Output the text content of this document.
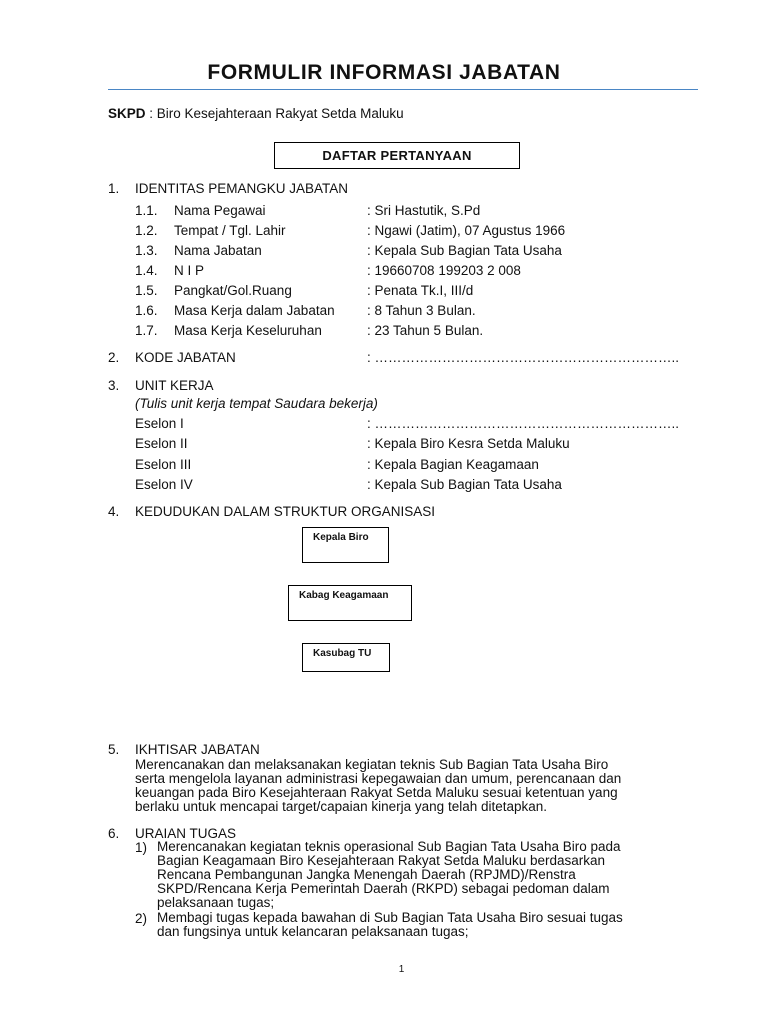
FORMULIR INFORMASI JABATAN
SKPD : Biro Kesejahteraan Rakyat Setda Maluku
DAFTAR PERTANYAAN
1. IDENTITAS PEMANGKU JABATAN
1.1. Nama Pegawai	: Sri Hastutik, S.Pd
1.2. Tempat / Tgl. Lahir	: Ngawi (Jatim), 07 Agustus 1966
1.3. Nama Jabatan	: Kepala Sub Bagian Tata Usaha
1.4. N I P	: 19660708 199203 2 008
1.5. Pangkat/Gol.Ruang	: Penata Tk.I, III/d
1.6. Masa Kerja dalam Jabatan : 8 Tahun 3 Bulan.
1.7. Masa Kerja Keseluruhan	: 23 Tahun 5 Bulan.
2. KODE JABATAN	: …………………………………………………………..
3. UNIT KERJA
(Tulis unit kerja tempat Saudara bekerja)
Eselon I	: …………………………………………………………..
Eselon II	: Kepala Biro Kesra Setda Maluku
Eselon III	: Kepala Bagian Keagamaan
Eselon IV	: Kepala Sub Bagian Tata Usaha
4. KEDUDUKAN DALAM STRUKTUR ORGANISASI
Kepala Biro
Kabag Keagamaan
Kasubag TU
5. IKHTISAR JABATAN
Merencanakan dan melaksanakan kegiatan teknis Sub Bagian Tata Usaha Biro
serta mengelola layanan administrasi kepegawaian dan umum, perencanaan dan
keuangan pada Biro Kesejahteraan Rakyat Setda Maluku sesuai ketentuan yang
berlaku untuk mencapai target/capaian kinerja yang telah ditetapkan.
6. URAIAN TUGAS
1) Merencanakan kegiatan teknis operasional Sub Bagian Tata Usaha Biro pada
Bagian Keagamaan Biro Kesejahteraan Rakyat Setda Maluku berdasarkan
Rencana Pembangunan Jangka Menengah Daerah (RPJMD)/Renstra
SKPD/Rencana Kerja Pemerintah Daerah (RKPD) sebagai pedoman dalam
pelaksanaan tugas;
2) Membagi tugas kepada bawahan di Sub Bagian Tata Usaha Biro sesuai tugas
dan fungsinya untuk kelancaran pelaksanaan tugas;
1
